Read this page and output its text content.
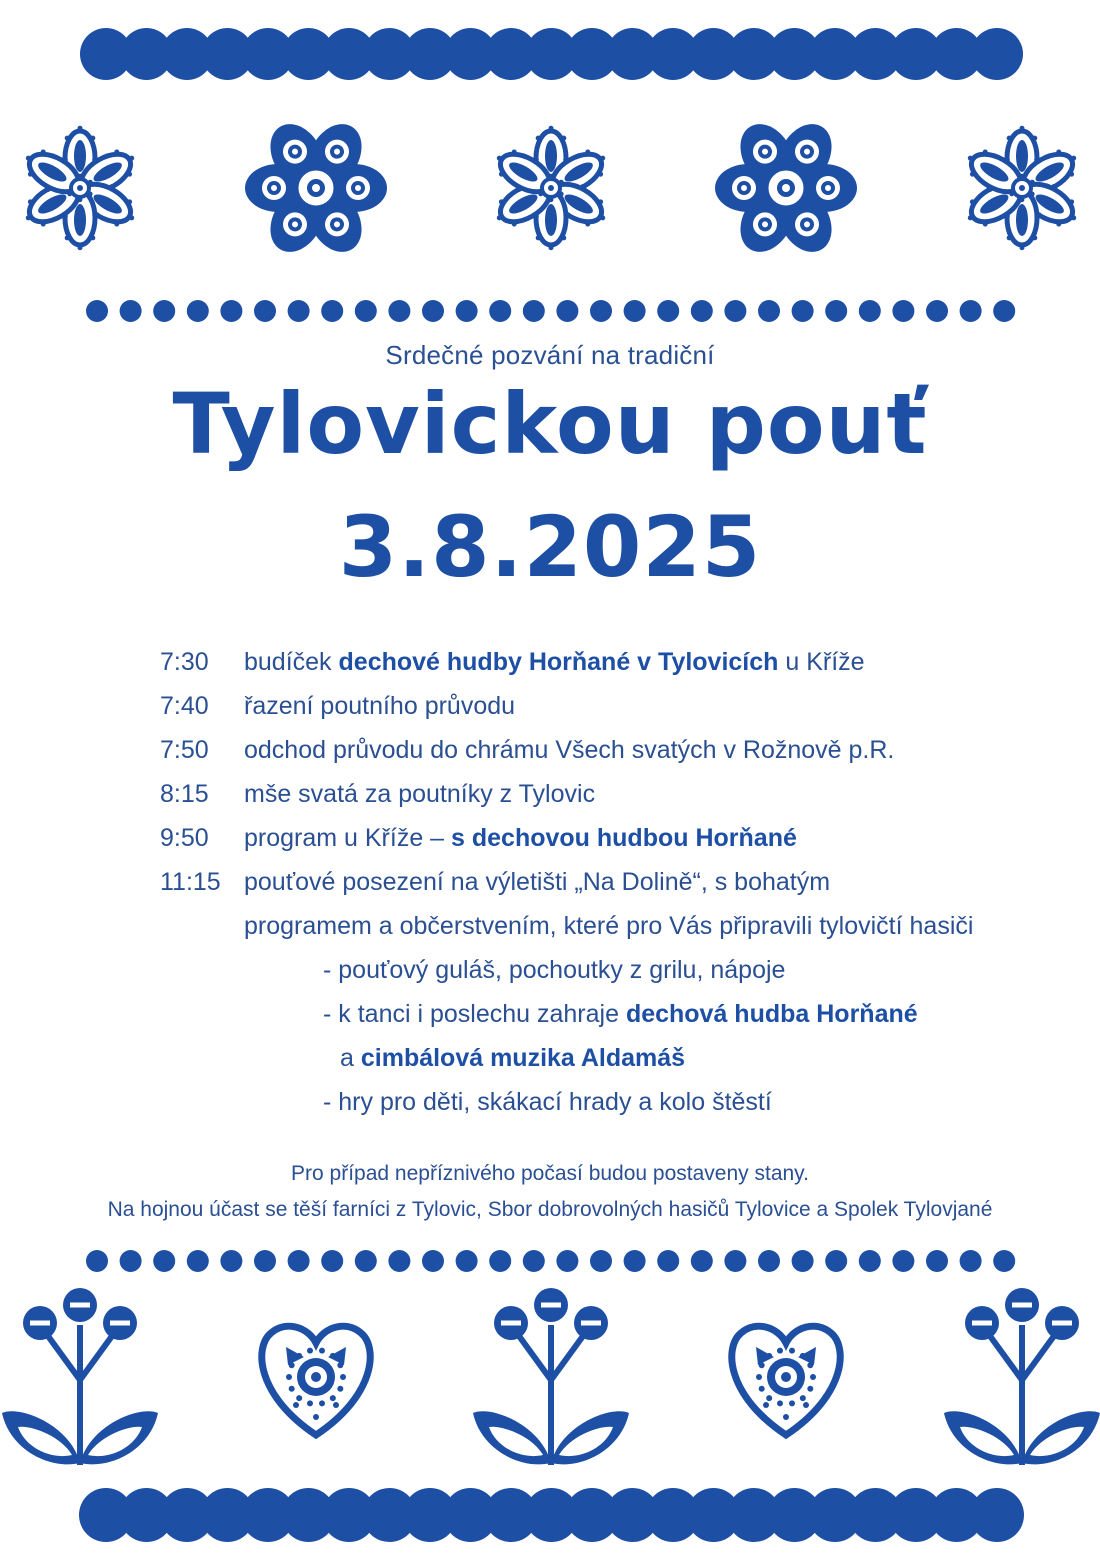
Srdečné pozvání na tradiční
Tylovickou pouť
3.8.2025
7:30	budíček dechové hudby Horňané v Tylovicích u Kříže
7:40	řazení poutního průvodu
7:50	odchod průvodu do chrámu Všech svatých v Rožnově p.R.
8:15	mše svatá za poutníky z Tylovic
9:50	program u Kříže – s dechovou hudbou Horňané
11:15 pouťové posezení na výletišti „Na Dolině“, s bohatým
programem a občerstvením, které pro Vás připravili tylovičtí hasiči
- pouťový guláš, pochoutky z grilu, nápoje
- k tanci i poslechu zahraje dechová hudba Horňané
a cimbálová muzika Aldamáš
- hry pro děti, skákací hrady a kolo štěstí
Pro případ nepříznivého počasí budou postaveny stany.
Na hojnou účast se těší farníci z Tylovic, Sbor dobrovolných hasičů Tylovice a Spolek Tylovjané
